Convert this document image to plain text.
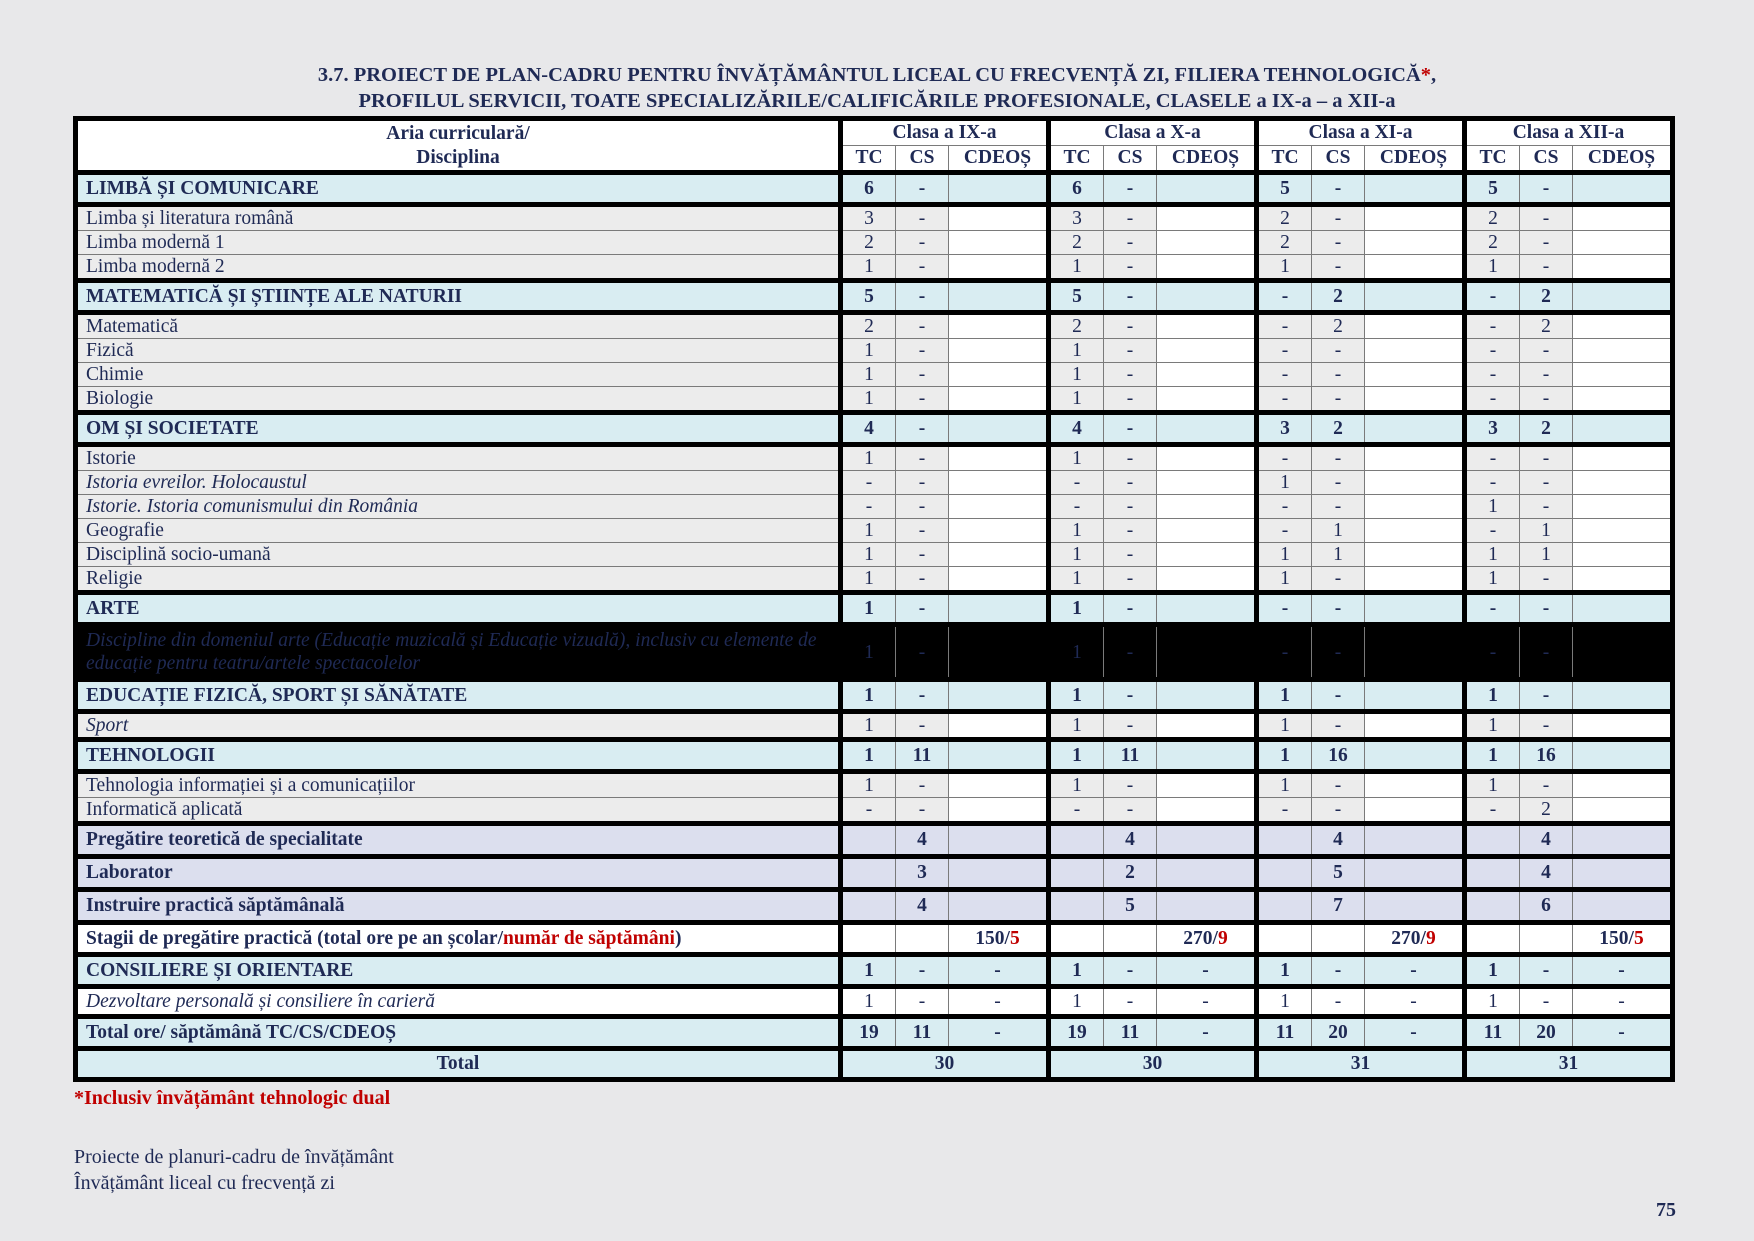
3.7. PROIECT DE PLAN-CADRU PENTRU ÎNVĂȚĂMÂNTUL LICEAL CU FRECVENȚĂ ZI, FILIERA TEHNOLOGICĂ*,
PROFILUL SERVICII, TOATE SPECIALIZĂRILE/CALIFICĂRILE PROFESIONALE, CLASELE a IX-a – a XII-a
Aria curriculară/
Disciplina	Clasa a IX-a			Clasa a X-a			Clasa a XI-a			Clasa a XII-a		
	TC	CS	CDEOȘ	TC	CS	CDEOȘ	TC	CS	CDEOȘ	TC	CS	CDEOȘ
LIMBĂ ȘI COMUNICARE	6	-		6	-		5	-		5	-	
Limba și literatura română	3	-		3	-		2	-		2	-	
Limba modernă 1	2	-		2	-		2	-		2	-	
Limba modernă 2	1	-		1	-		1	-		1	-	
MATEMATICĂ ȘI ȘTIINȚE ALE NATURII	5	-		5	-		-	2		-	2	
Matematică	2	-		2	-		-	2		-	2	
Fizică	1	-		1	-		-	-		-	-	
Chimie	1	-		1	-		-	-		-	-	
Biologie	1	-		1	-		-	-		-	-	
OM ȘI SOCIETATE	4	-		4	-		3	2		3	2	
Istorie	1	-		1	-		-	-		-	-	
Istoria evreilor. Holocaustul	-	-		-	-		1	-		-	-	
Istorie. Istoria comunismului din România	-	-		-	-		-	-		1	-	
Geografie	1	-		1	-		-	1		-	1	
Disciplină socio-umană	1	-		1	-		1	1		1	1	
Religie	1	-		1	-		1	-		1	-	
ARTE	1	-		1	-		-	-		-	-	
Discipline din domeniul arte (Educație muzicală și Educație vizuală), inclusiv cu elemente de educație pentru teatru/artele spectacolelor	1	-		1	-		-	-		-	-	
EDUCAȚIE FIZICĂ, SPORT ȘI SĂNĂTATE	1	-		1	-		1	-		1	-	
Sport	1	-		1	-		1	-		1	-	
TEHNOLOGII	1	11		1	11		1	16		1	16	
Tehnologia informației și a comunicațiilor	1	-		1	-		1	-		1	-	
Informatică aplicată	-	-		-	-		-	-		-	2	
Pregătire teoretică de specialitate		4			4			4			4	
Laborator		3			2			5			4	
Instruire practică săptămânală		4			5			7			6	
Stagii de pregătire practică (total ore pe an școlar/număr de săptămâni)			150/5			270/9			270/9			150/5
CONSILIERE ȘI ORIENTARE	1	-	-	1	-	-	1	-	-	1	-	-
Dezvoltare personală și consiliere în carieră	1	-	-	1	-	-	1	-	-	1	-	-
Total ore/ săptămână TC/CS/CDEOȘ	19	11	-	19	11	-	11	20	-	11	20	-
Total	30			30			31			31		
*Inclusiv învățământ tehnologic dual
Proiecte de planuri-cadru de învățământ
Învățământ liceal cu frecvență zi
75
